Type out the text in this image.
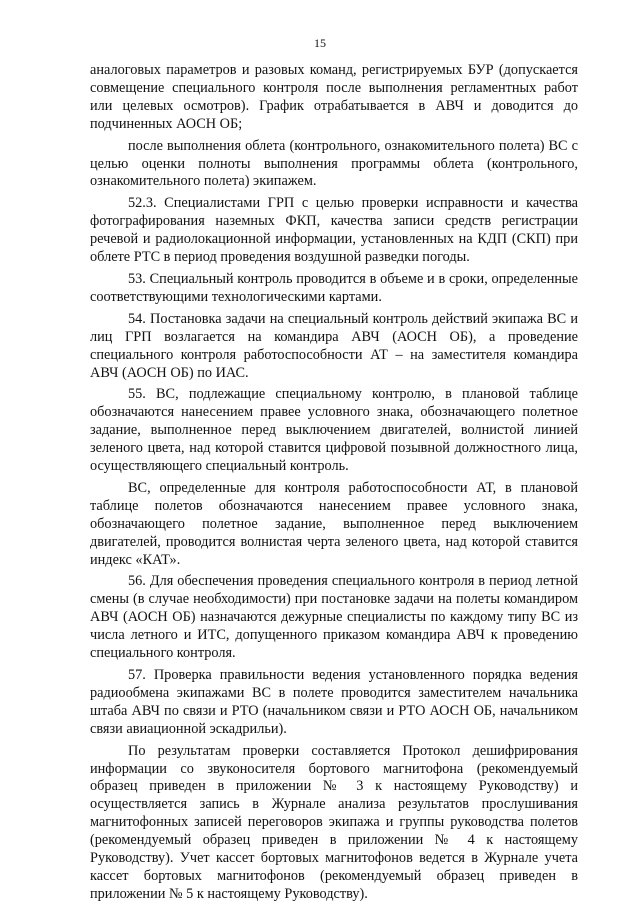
15

аналоговых параметров и разовых команд, регистрируемых БУР (допускается совмещение специального контроля после выполнения регламентных работ или целевых осмотров). График отрабатывается в АВЧ и доводится до подчиненных АОСН ОБ;

после выполнения облета (контрольного, ознакомительного полета) ВС с целью оценки полноты выполнения программы облета (контрольного, ознакомительного полета) экипажем.

52.3. Специалистами ГРП с целью проверки исправности и качества фотографирования наземных ФКП, качества записи средств регистрации речевой и радиолокационной информации, установленных на КДП (СКП) при облете РТС в период проведения воздушной разведки погоды.

53. Специальный контроль проводится в объеме и в сроки, определенные соответствующими технологическими картами.

54. Постановка задачи на специальный контроль действий экипажа ВС и лиц ГРП возлагается на командира АВЧ (АОСН ОБ), а проведение специального контроля работоспособности АТ – на заместителя командира АВЧ (АОСН ОБ) по ИАС.

55. ВС, подлежащие специальному контролю, в плановой таблице обозначаются нанесением правее условного знака, обозначающего полетное задание, выполненное перед выключением двигателей, волнистой линией зеленого цвета, над которой ставится цифровой позывной должностного лица, осуществляющего специальный контроль.

ВС, определенные для контроля работоспособности АТ, в плановой таблице полетов обозначаются нанесением правее условного знака, обозначающего полетное задание, выполненное перед выключением двигателей, проводится волнистая черта зеленого цвета, над которой ставится индекс «КАТ».

56. Для обеспечения проведения специального контроля в период летной смены (в случае необходимости) при постановке задачи на полеты командиром АВЧ (АОСН ОБ) назначаются дежурные специалисты по каждому типу ВС из числа летного и ИТС, допущенного приказом командира АВЧ к проведению специального контроля.

57. Проверка правильности ведения установленного порядка ведения радиообмена экипажами ВС в полете проводится заместителем начальника штаба АВЧ по связи и РТО (начальником связи и РТО АОСН ОБ, начальником связи авиационной эскадрильи).

По результатам проверки составляется Протокол дешифрирования информации со звуконосителя бортового магнитофона (рекомендуемый образец приведен в приложении № 3 к настоящему Руководству) и осуществляется запись в Журнале анализа результатов прослушивания магнитофонных записей переговоров экипажа и группы руководства полетов (рекомендуемый образец приведен в приложении № 4 к настоящему Руководству). Учет кассет бортовых магнитофонов ведется в Журнале учета кассет бортовых магнитофонов (рекомендуемый образец приведен в приложении № 5 к настоящему Руководству).
